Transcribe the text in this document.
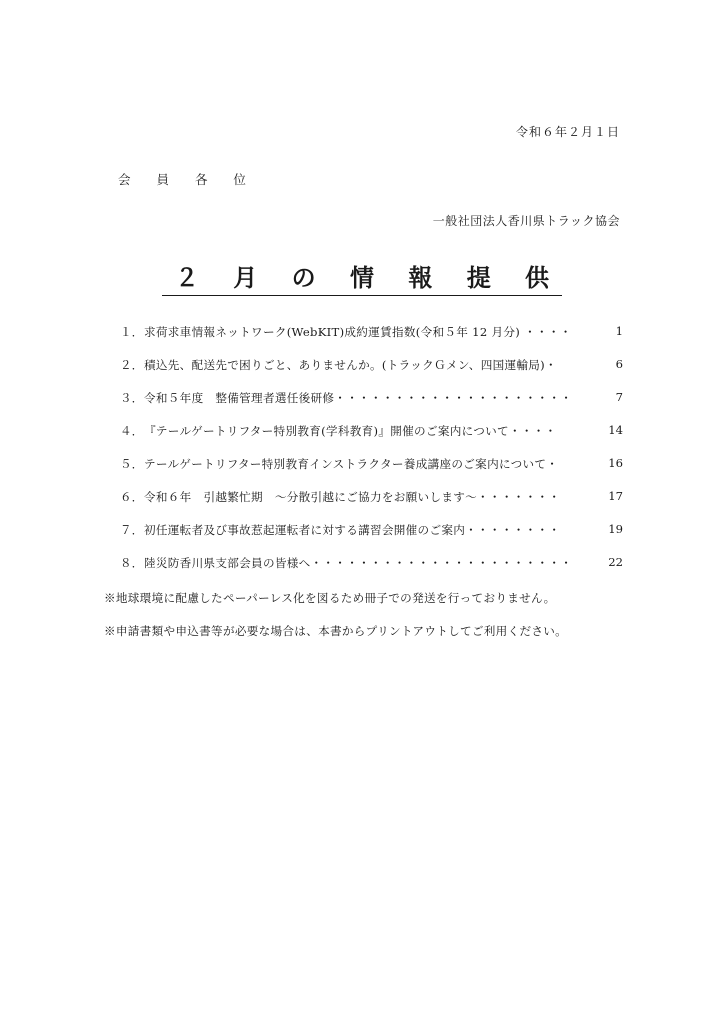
令和６年２月１日
会 員 各 位
一般社団法人香川県トラック協会
２ 月 の 情 報 提 供
１． 求荷求車情報ネットワーク(WebKIT)成約運賃指数(令和５年 12 月分) ・・・・	1
２． 積込先、配送先で困りごと、ありませんか。(トラックＧメン、四国運輸局)・	6
３． 令和５年度　整備管理者選任後研修・・・・・・・・・・・・・・・・・・・・	7
４． 『テールゲートリフター特別教育(学科教育)』開催のご案内について・・・・	14
５． テールゲートリフター特別教育インストラクター養成講座のご案内について・	16
６． 令和６年　引越繁忙期　～分散引越にご協力をお願いします～・・・・・・・	17
７． 初任運転者及び事故惹起運転者に対する講習会開催のご案内・・・・・・・・	19
８． 陸災防香川県支部会員の皆様へ・・・・・・・・・・・・・・・・・・・・・・	22
※地球環境に配慮したペーパーレス化を図るため冊子での発送を行っておりません。
※申請書類や申込書等が必要な場合は、本書からプリントアウトしてご利用ください。
